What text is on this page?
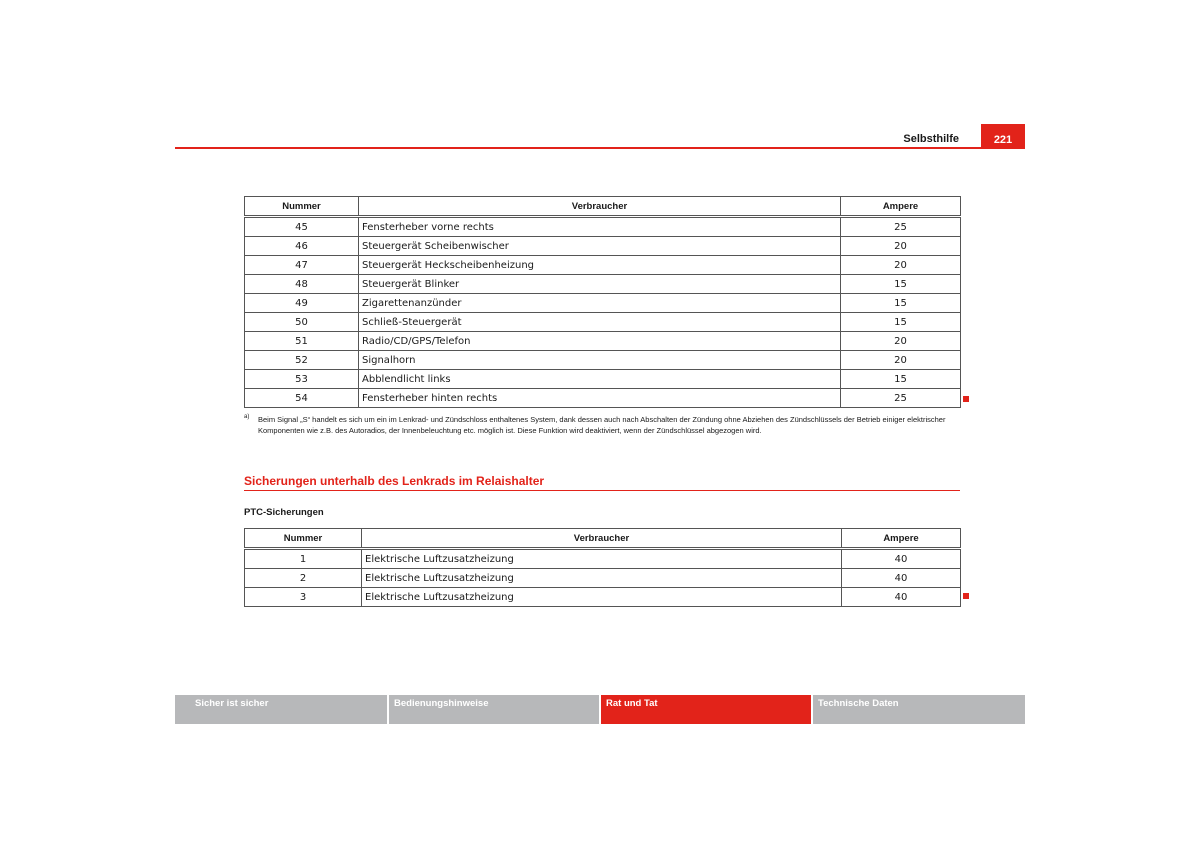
Selbsthilfe	221
Nummer	Verbraucher	Ampere
45	Fensterheber vorne rechts	25
46	Steuergerät Scheibenwischer	20
47	Steuergerät Heckscheibenheizung	20
48	Steuergerät Blinker	15
49	Zigarettenanzünder	15
50	Schließ-Steuergerät	15
51	Radio/CD/GPS/Telefon	20
52	Signalhorn	20
53	Abblendlicht links	15
54	Fensterheber hinten rechts	25
a) Beim Signal „S“ handelt es sich um ein im Lenkrad- und Zündschloss enthaltenes System, dank dessen auch nach Abschalten der Zündung ohne Abziehen des Zündschlüssels der Betrieb einiger elektrischer Komponenten wie z.B. des Autoradios, der Innenbeleuchtung etc. möglich ist. Diese Funktion wird deaktiviert, wenn der Zündschlüssel abgezogen wird.
Sicherungen unterhalb des Lenkrads im Relaishalter
PTC-Sicherungen
Nummer	Verbraucher	Ampere
1	Elektrische Luftzusatzheizung	40
2	Elektrische Luftzusatzheizung	40
3	Elektrische Luftzusatzheizung	40
Sicher ist sicher	Bedienungshinweise	Rat und Tat	Technische Daten
